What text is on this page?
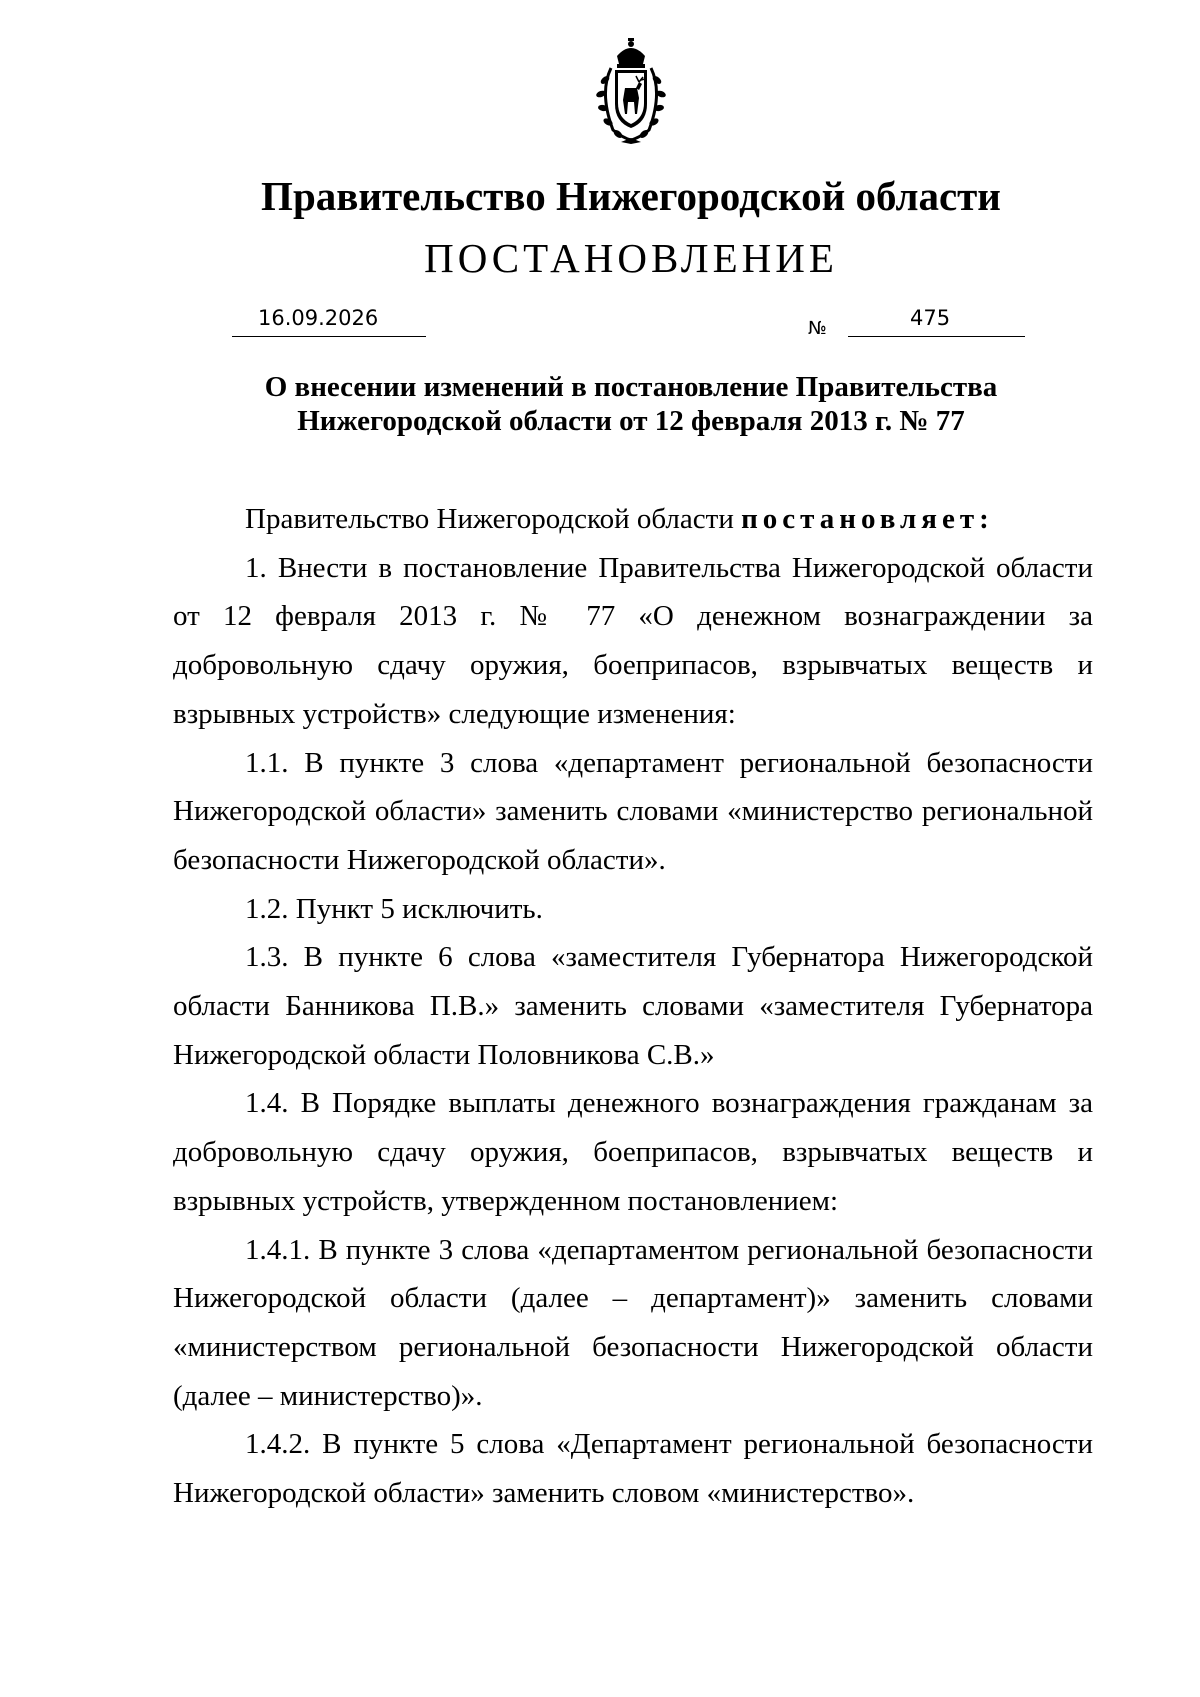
Правительство Нижегородской области
ПОСТАНОВЛЕНИЕ
16.09.2026	№	475
О внесении изменений в постановление Правительства
Нижегородской области от 12 февраля 2013 г. № 77

Правительство Нижегородской области постановляет:

1. Внести в постановление Правительства Нижегородской области от 12 февраля 2013 г. № 77 «О денежном вознаграждении за добровольную сдачу оружия, боеприпасов, взрывчатых веществ и взрывных устройств» следующие изменения:

1.1. В пункте 3 слова «департамент региональной безопасности Нижегородской области» заменить словами «министерство региональной безопасности Нижегородской области».

1.2. Пункт 5 исключить.

1.3. В пункте 6 слова «заместителя Губернатора Нижегородской области Банникова П.В.» заменить словами «заместителя Губернатора Нижегородской области Половникова С.В.»

1.4. В Порядке выплаты денежного вознаграждения гражданам за добровольную сдачу оружия, боеприпасов, взрывчатых веществ и взрывных устройств, утвержденном постановлением:

1.4.1. В пункте 3 слова «департаментом региональной безопасности Нижегородской области (далее – департамент)» заменить словами «министерством региональной безопасности Нижегородской области (далее – министерство)».

1.4.2. В пункте 5 слова «Департамент региональной безопасности Нижегородской области» заменить словом «министерство».
